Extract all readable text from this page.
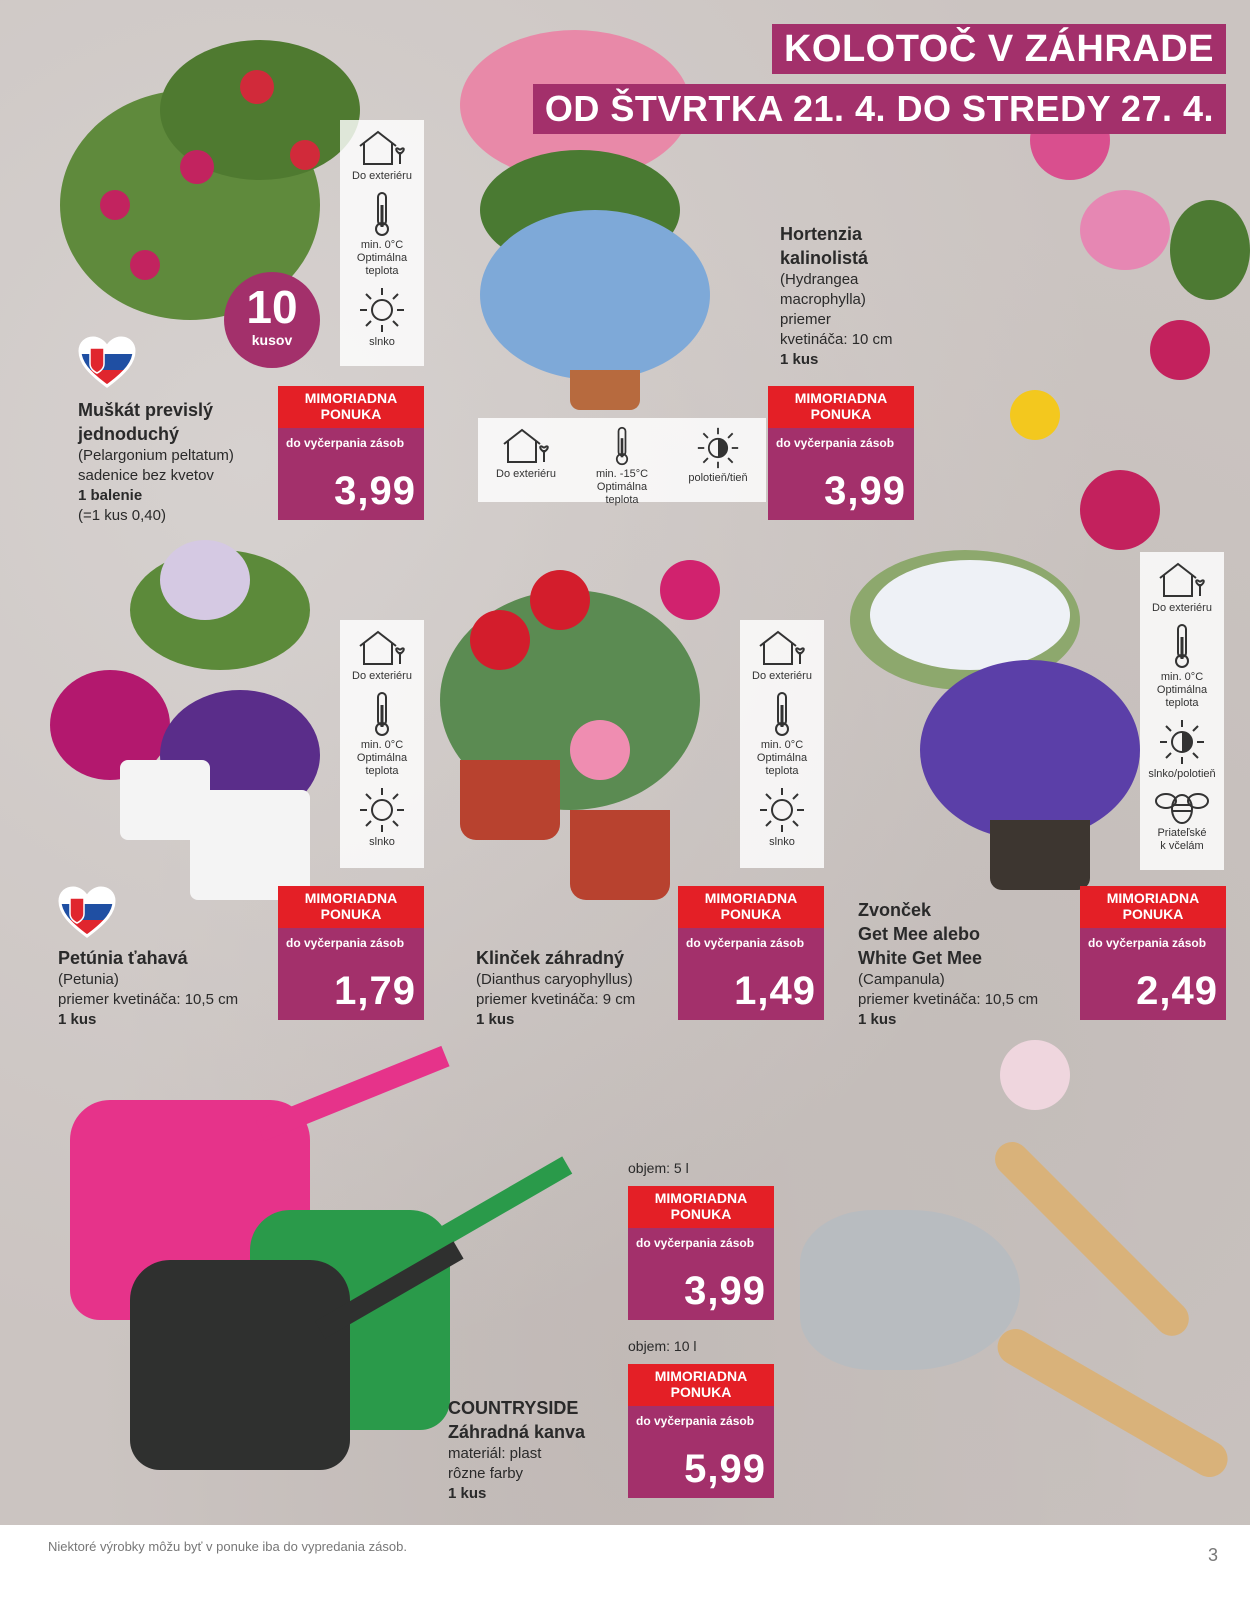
KOLOTOČ V ZÁHRADE
OD ŠTVRTKA 21. 4. DO STREDY 27. 4.
Do exteriéru
min. 0°C
Optimálna
teplota
slnko
10
kusov
Muškát previslý
jednoduchý
(Pelargonium peltatum)
sadenice bez kvetov
1 balenie
(=1 kus 0,40)
MIMORIADNA
PONUKA
do vyčerpania zásob
3,99
Hortenzia
kalinolistá
(Hydrangea
macrophylla)
priemer
kvetináča: 10 cm
1 kus
Do exteriéru	min. -15°C
Optimálna
teplota
polotieň/tieň
MIMORIADNA
PONUKA
do vyčerpania zásob
3,99
Do exteriéru
min. 0°C
Optimálna
teplota
slnko
Petúnia ťahavá
(Petunia)
priemer kvetináča: 10,5 cm
1 kus
MIMORIADNA
PONUKA
do vyčerpania zásob
1,79
Do exteriéru
min. 0°C
Optimálna
teplota
slnko
Klinček záhradný
(Dianthus caryophyllus)
priemer kvetináča: 9 cm
1 kus
MIMORIADNA
PONUKA
do vyčerpania zásob
1,49
Do exteriéru
min. 0°C
Optimálna
teplota
slnko/polotieň
Priateľské
k včelám
Zvonček
Get Mee alebo
White Get Mee
(Campanula)
priemer kvetináča: 10,5 cm
1 kus
MIMORIADNA
PONUKA
do vyčerpania zásob
2,49
objem: 5 l
MIMORIADNA
PONUKA
do vyčerpania zásob
3,99
objem: 10 l
MIMORIADNA
PONUKA
do vyčerpania zásob
5,99
COUNTRYSIDE
Záhradná kanva
materiál: plast
rôzne farby
1 kus
Niektoré výrobky môžu byť v ponuke iba do vypredania zásob.	3
